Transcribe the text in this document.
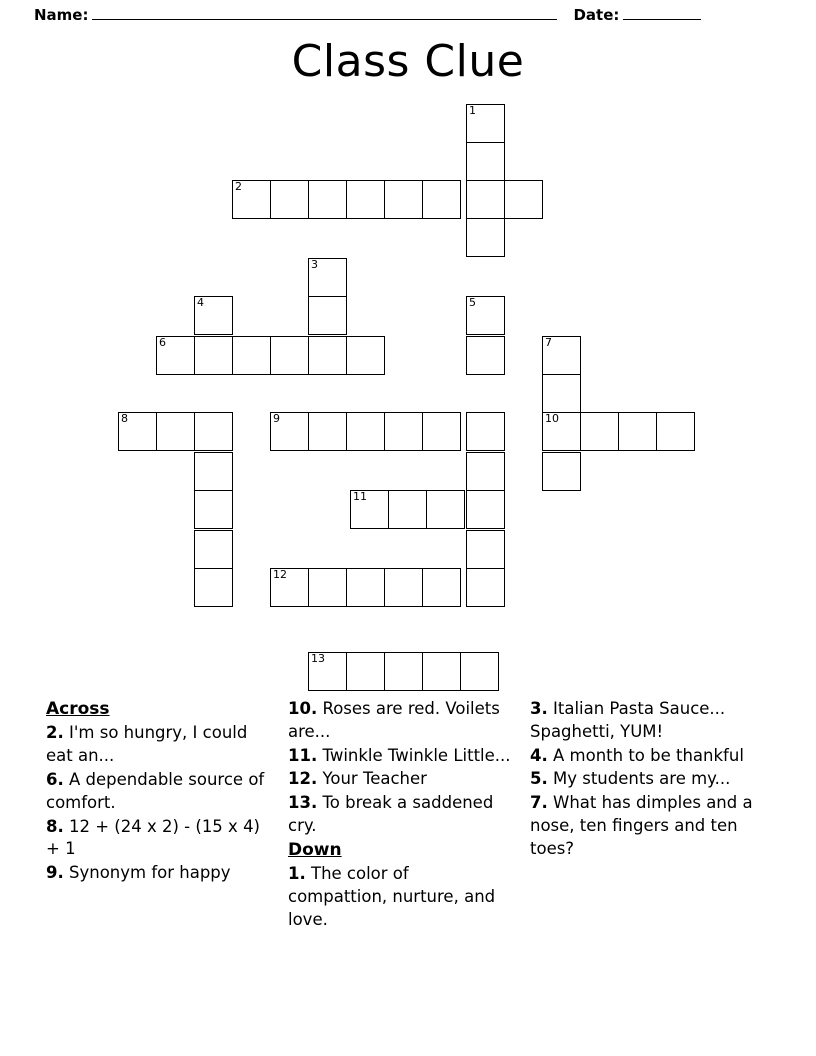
Name:	Date:
Class Clue
1
2
3
4	5
7
6
8	9	10
11
12
13
Across
2. I'm so hungry, I could eat an...
6. A dependable source of comfort.
8. 12 + (24 x 2) - (15 x 4) + 1
9. Synonym for happy
10. Roses are red. Voilets are...
11. Twinkle Twinkle Little...
12. Your Teacher
13. To break a saddened cry.
Down
1. The color of compattion, nurture, and love.
3. Italian Pasta Sauce... Spaghetti, YUM!
4. A month to be thankful
5. My students are my...
7. What has dimples and a nose, ten fingers and ten toes?
